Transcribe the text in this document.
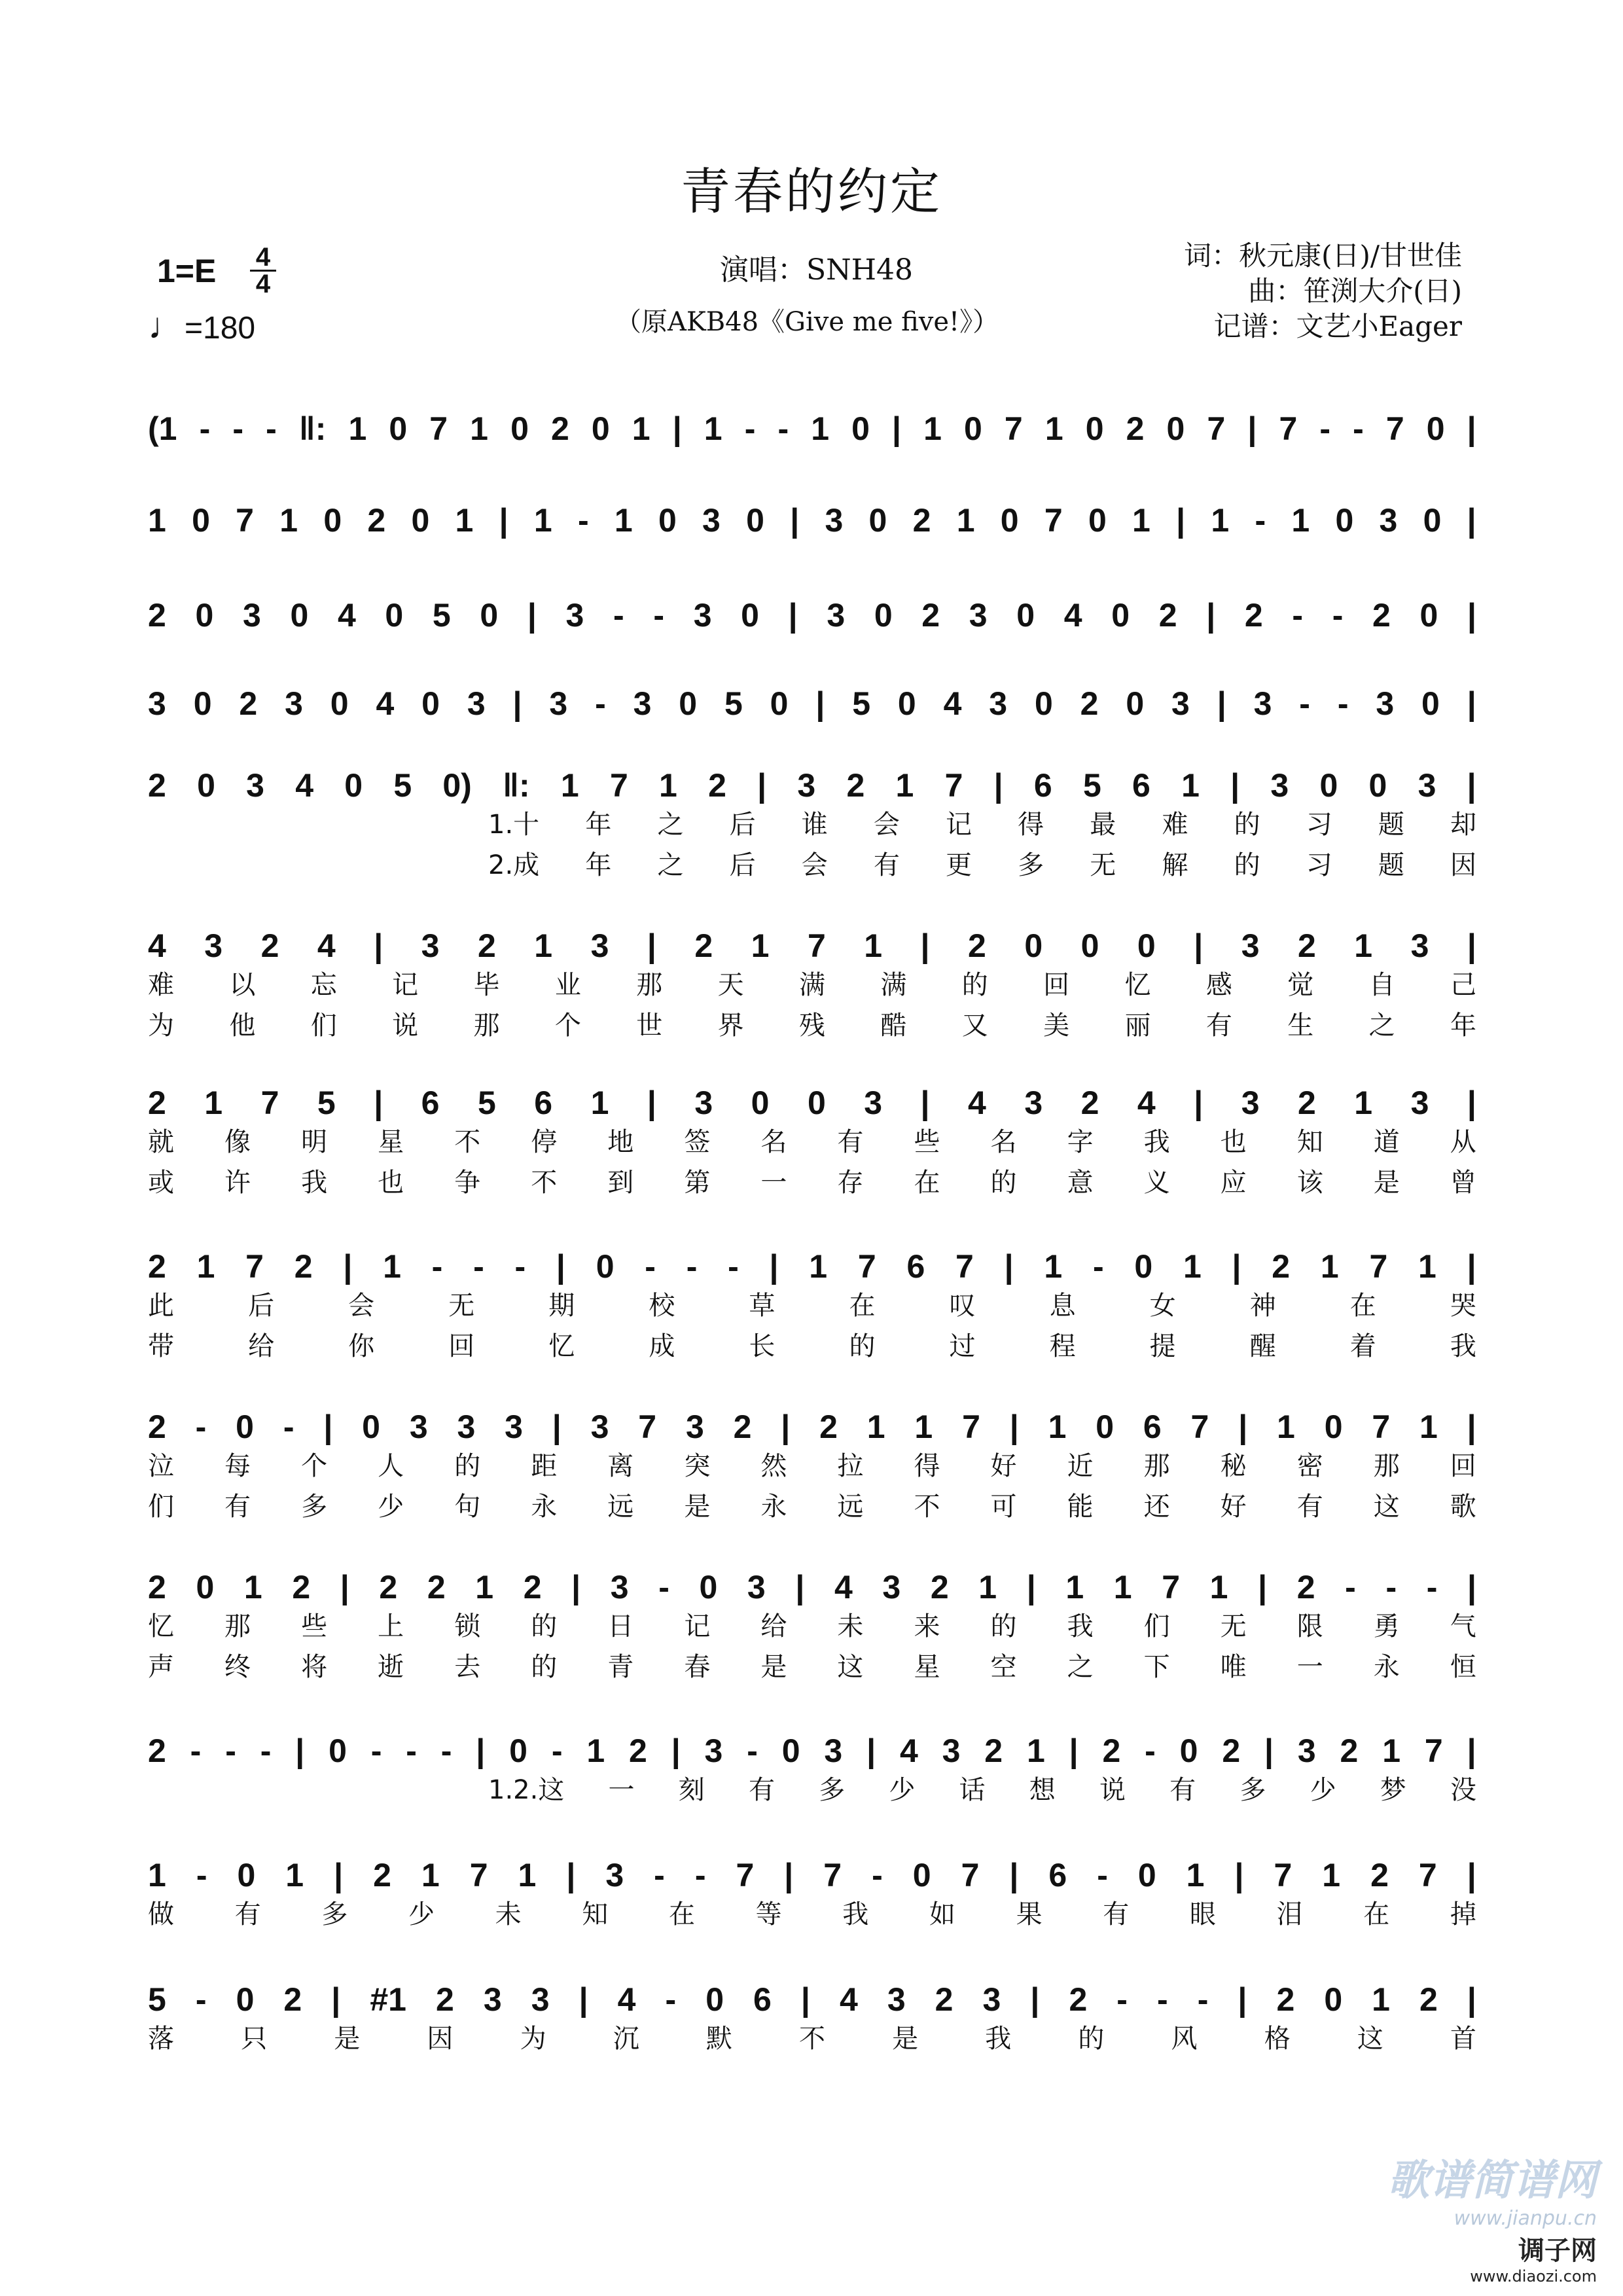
青春的约定
1=E 4
4
♩=180
演唱：SNH48
（原AKB48《Give me five!》）
词：秋元康(日)/甘世佳
曲：笹渕大介(日)
记谱：文艺小Eager
(1 - - - ‖: 1 0 7 1 0 2 0 1 | 1 - - 1 0 | 1 0 7 1 0 2 0 7 | 7 - - 7 0 |
1 0 7 1 0 2 0 1 | 1 - 1 0 3 0 | 3 0 2 1 0 7 0 1 | 1 - 1 0 3 0 |
2 0 3 0 4 0 5 0 | 3 - - 3 0 | 3 0 2 3 0 4 0 2 | 2 - - 2 0 |
3 0 2 3 0 4 0 3 | 3 - 3 0 5 0 | 5 0 4 3 0 2 0 3 | 3 - - 3 0 |
2 0 3 4 0 5 0) ‖: 1 7 1 2 | 3 2 1 7 | 6 5 6 1 | 3 0 0 3 |
1.十 年 之 后 谁 会 记 得 最 难 的 习 题 却
2.成 年 之 后 会 有 更 多 无 解 的 习 题 因
4 3 2 4 | 3 2 1 3 | 2 1 7 1 | 2 0 0 0 | 3 2 1 3 |
难 以 忘 记 毕 业 那 天 满 满 的 回 忆 感 觉 自 己
为 他 们 说 那 个 世 界 残 酷 又 美 丽 有 生 之 年
2 1 7 5 | 6 5 6 1 | 3 0 0 3 | 4 3 2 4 | 3 2 1 3 |
就 像 明 星 不 停 地 签 名 有 些 名 字 我 也 知 道 从
或 许 我 也 争 不 到 第 一 存 在 的 意 义 应 该 是 曾
2 1 7 2 | 1 - - - | 0 - - - | 1 7 6 7 | 1 - 0 1 | 2 1 7 1 |
此	后	会	无	期	校	草	在	叹	息	女	神	在	哭
带	给	你	回	忆	成	长	的	过	程	提	醒	着	我
2 - 0 - | 0 3 3 3 | 3 7 3 2 | 2 1 1 7 | 1 0 6 7 | 1 0 7 1 |
泣 每 个 人 的 距 离 突 然 拉 得 好 近 那 秘 密 那 回
们 有 多 少 句 永 远 是 永 远 不 可 能 还 好 有 这 歌
2 0 1 2 | 2 2 1 2 | 3 - 0 3 | 4 3 2 1 | 1 1 7 1 | 2 - - - |
忆 那 些 上 锁 的 日 记 给 未 来 的 我 们 无 限 勇 气
声 终 将 逝 去 的 青 春 是 这 星 空 之 下 唯 一 永 恒
2 - - - | 0 - - - | 0 - 1 2 | 3 - 0 3 | 4 3 2 1 | 2 - 0 2 | 3 2 1 7 |
1.2.这 一 刻 有 多 少 话 想 说 有 多 少 梦 没
1 - 0 1 | 2 1 7 1 | 3 - - 7 | 7 - 0 7 | 6 - 0 1 | 7 1 2 7 |
做 有 多 少 未 知 在 等 我 如 果 有 眼 泪 在 掉
5 - 0 2 | #1 2 3 3 | 4 - 0 6 | 4 3 2 3 | 2 - - - | 2 0 1 2 |
落	只	是	因	为	沉	默	不	是	我	的	风	格	这	首
歌谱简谱网
www.jianpu.cn
调子网
www.diaozi.com
